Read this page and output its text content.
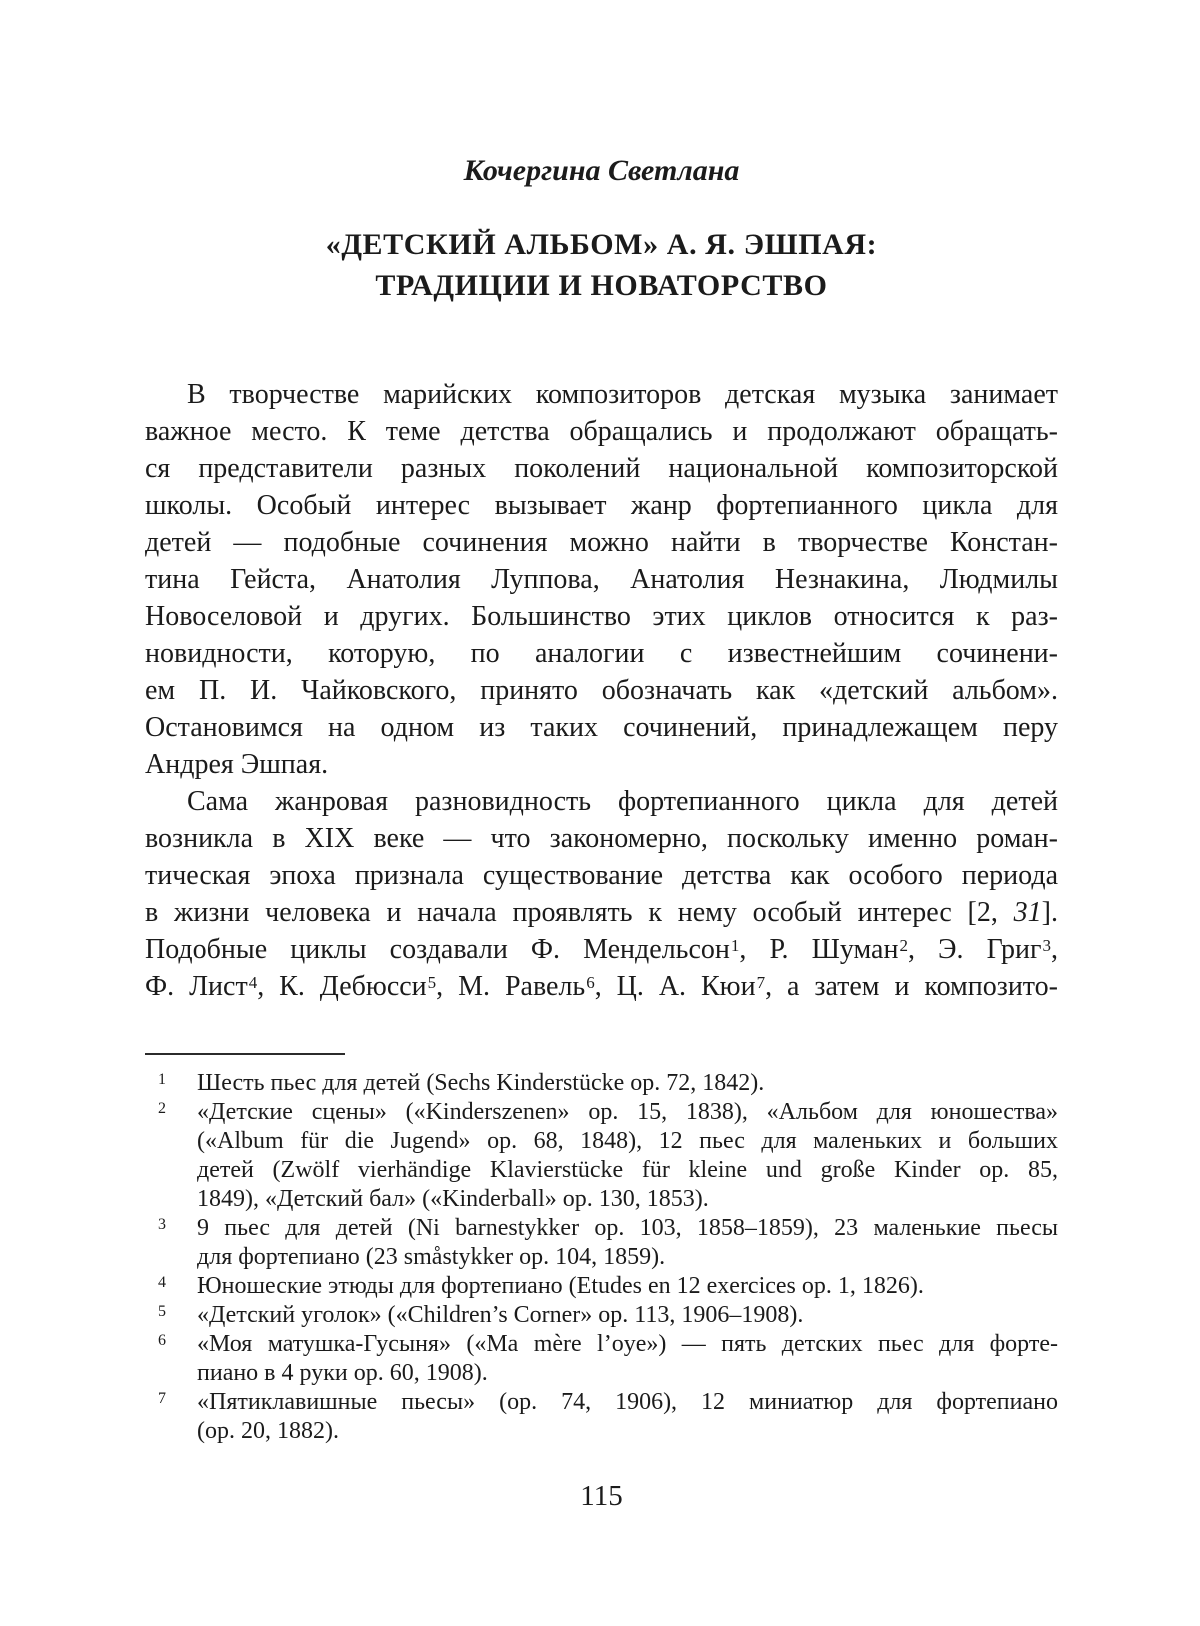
Кочергина Светлана
«ДЕТСКИЙ АЛЬБОМ» А. Я. ЭШПАЯ:
ТРАДИЦИИ И НОВАТОРСТВО
В творчестве марийских композиторов детская музыка занимает
важное место. К теме детства обращались и продолжают обращать-
ся представители разных поколений национальной композиторской
школы. Особый интерес вызывает жанр фортепианного цикла для
детей — подобные сочинения можно найти в творчестве Констан-
тина Гейста, Анатолия Луппова, Анатолия Незнакина, Людмилы
Новоселовой и других. Большинство этих циклов относится к раз-
новидности, которую, по аналогии с известнейшим сочинени-
ем П. И. Чайковского, принято обозначать как «детский альбом».
Остановимся на одном из таких сочинений, принадлежащем перу
Андрея Эшпая.
Сама жанровая разновидность фортепианного цикла для детей
возникла в XIX веке — что закономерно, поскольку именно роман-
тическая эпоха признала существование детства как особого периода
в жизни человека и начала проявлять к нему особый интерес [2, 31].
Подобные циклы создавали Ф. Мендельсон$^1$, Р. Шуман$^2$, Э. Григ$^3$,
Ф. Лист$^4$, К. Дебюсси$^5$, М. Равель$^6$, Ц. А. Кюи$^7$, а затем и композито-
1	Шесть пьес для детей (Sechs Kinderstücke op. 72, 1842).
2	«Детские сцены» («Kinderszenen» op. 15, 1838), «Альбом для юношества»
(«Album für die Jugend» op. 68, 1848), 12 пьес для маленьких и больших
детей (Zwölf vierhändige Klavierstücke für kleine und große Kinder op. 85,
1849), «Детский бал» («Kinderball» op. 130, 1853).
3	9 пьес для детей (Ni barnestykker op. 103, 1858–1859), 23 маленькие пьесы
для фортепиано (23 småstykker op. 104, 1859).
4	Юношеские этюды для фортепиано (Etudes en 12 exercices op. 1, 1826).
5	«Детский уголок» («Children’s Corner» op. 113, 1906–1908).
6	«Моя матушка-Гусыня» («Ma mère l’oye») — пять детских пьес для форте-
пиано в 4 руки op. 60, 1908).
7	«Пятиклавишные пьесы» (op. 74, 1906), 12 миниатюр для фортепиано
(op. 20, 1882).
115
